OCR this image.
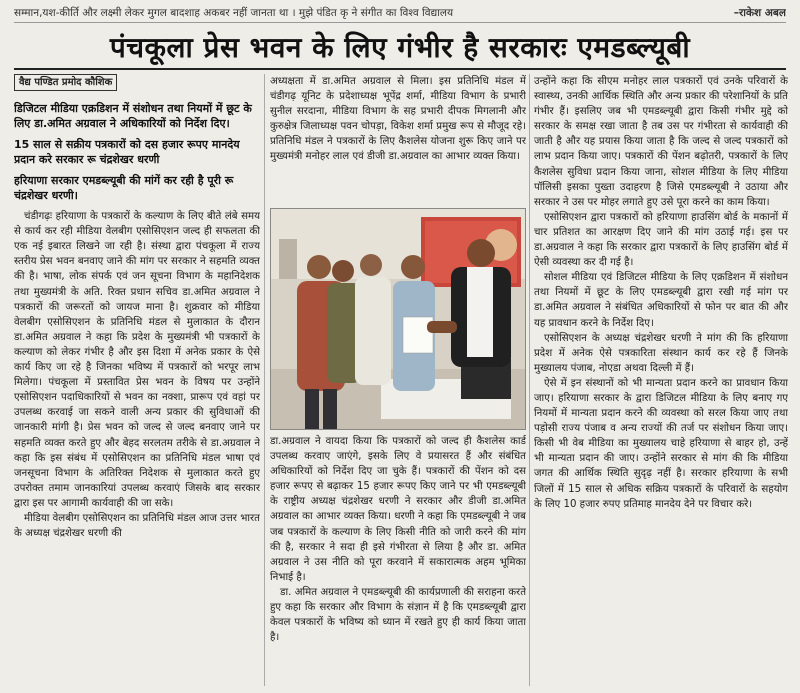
सम्मान,यश-कीर्ति और लक्ष्मी लेकर मुगल बादशाह अकबर नहीं जानता था । मुझे पंडित कृ ने संगीत का विश्व विद्यालय	–राकेश अबल
पंचकूला प्रेस भवन के लिए गंभीर है सरकारः एमडब्ल्यूबी
वैद्य पण्डित प्रमोद कौशिक

डिजिटल मीडिया एक्रडिशन में संशोधन तथा नियमों में छूट के लिए डा.अमित अग्रवाल ने अधिकारियों को निर्देश दिए।

15 साल से सक्रीय पत्रकारों को दस हजार रूपए मानदेय प्रदान करे सरकार रू चंद्रशेखर धरणी

हरियाणा सरकार एमडब्ल्यूबी की मांगें कर रही है पूरी रू चंद्रशेखर धरणी।

चंडीगढ़ः हरियाणा के पत्रकारों के कल्याण के लिए बीते लंबे समय से कार्य कर रही मीडिया वेलबीग एसोसिएशन जल्द ही सफलता की एक नई इबारत लिखने जा रही है। संस्था द्वारा पंचकूला में राज्य स्तरीय प्रेस भवन बनवाए जाने की मांग पर सरकार ने सहमति व्यक्त की है। भाषा, लोक संपर्क एवं जन सूचना विभाग के महानिदेशक तथा मुख्यमंत्री के अति. रिक्त प्रधान सचिव डा.अमित अग्रवाल ने पत्रकारों की जरूरतों को जायज माना है। शुक्रवार को मीडिया वेलबीग एसोसिएशन के प्रतिनिधि मंडल से मुलाकात के दौरान डा.अमित अग्रवाल ने कहा कि प्रदेश के मुख्यमंत्री भी पत्रकारों के कल्याण को लेकर गंभीर है और इस दिशा में अनेक प्रकार के ऐसे कार्य किए जा रहे है जिनका भविष्य में पत्रकारों को भरपूर लाभ मिलेगा। पंचकूला में प्रस्तावित प्रेस भवन के विषय पर उन्होंने एसोसिएशन पदाधिकारियों से भवन का नक्शा, प्रारूप एवं वहां पर उपलब्ध करवाई जा सकने वाली अन्य प्रकार की सुविधाओं की जानकारी मांगी है। प्रेस भवन को जल्द से जल्द बनवाए जाने पर सहमति व्यक्त करते हुए और बेहद सरलतम तरीके से डा.अग्रवाल ने कहा कि इस संबंध में एसोसिएशन का प्रतिनिधि मंडल भाषा एवं जनसूचना विभाग के अतिरिक्त निदेशक से मुलाकात करते हुए उपरोक्त तमाम जानकारियां उपलब्ध करवाएं जिसके बाद सरकार द्वारा इस पर आगामी कार्यवाही की जा सके।

मीडिया वेलबीग एसोसिएशन का प्रतिनिधि मंडल आज उत्तर भारत के अध्यक्ष चंद्रशेखर धरणी की

अध्यक्षता में डा.अमित अग्रवाल से मिला। इस प्रतिनिधि मंडल में चंडीगढ़ यूनिट के प्रदेशाध्यक्ष भूपेंद्र शर्मा, मीडिया विभाग के प्रभारी सुनील सरदाना, मीडिया विभाग के सह प्रभारी दीपक मिगलानी और कुरुक्षेत्र जिलाध्यक्ष पवन चोपड़ा, विकेश शर्मा प्रमुख रूप से मौजूद रहे। प्रतिनिधि मंडल ने पत्रकारों के लिए कैशलेस योजना शुरू किए जाने पर मुख्यमंत्री मनोहर लाल एवं डीजी डा.अग्रवाल का आभार व्यक्त किया।

डा.अग्रवाल ने वायदा किया कि पत्रकारों को जल्द ही कैशलेस कार्ड उपलब्ध करवाए जाएंगे, इसके लिए वे प्रयासरत हैं और संबंधित अधिकारियों को निर्देश दिए जा चुके हैं। पत्रकारों की पेंशन को दस हजार रूपए से बढ़ाकर 15 हजार रूपए किए जाने पर भी एमडब्ल्यूबी के राष्ट्रीय अध्यक्ष चंद्रशेखर धरणी ने सरकार और डीजी डा.अमित अग्रवाल का आभार व्यक्त किया। धरणी ने कहा कि एमडब्ल्यूबी ने जब जब पत्रकारों के कल्याण के लिए किसी नीति को जारी करने की मांग की है, सरकार ने सदा ही इसे गंभीरता से लिया है और डा. अमित अग्रवाल ने उस नीति को पूरा करवाने में सकारात्मक अहम भूमिका निभाई है।

डा. अमित अग्रवाल ने एमडब्ल्यूबी की कार्यप्रणाली की सराहना करते हुए कहा कि सरकार और विभाग के संज्ञान में है कि एमडब्ल्यूबी द्वारा केवल पत्रकारों के भविष्य को ध्यान में रखते हुए ही कार्य किया जाता है।

उन्होंने कहा कि सीएम मनोहर लाल पत्रकारों एवं उनके परिवारों के स्वास्थ्य, उनकी आर्थिक स्थिति और अन्य प्रकार की परेशानियों के प्रति गंभीर हैं। इसलिए जब भी एमडब्ल्यूबी द्वारा किसी गंभीर मुद्दे को सरकार के समक्ष रखा जाता है तब उस पर गंभीरता से कार्यवाही की जाती है और यह प्रयास किया जाता है कि जल्द से जल्द पत्रकारों को लाभ प्रदान किया जाए। पत्रकारों की पेंशन बढ़ोतरी, पत्रकारों के लिए कैशलेस सुविधा प्रदान किया जाना, सोशल मीडिया के लिए मीडिया पॉलिसी इसका पुख्ता उदाहरण है जिसे एमडब्ल्यूबी ने उठाया और सरकार ने उस पर मोहर लगाते हुए उसे पूरा करने का काम किया।

एसोसिएशन द्वारा पत्रकारों को हरियाणा हाउसिंग बोर्ड के मकानों में चार प्रतिशत का आरक्षण दिए जाने की मांग उठाई गई। इस पर डा.अग्रवाल ने कहा कि सरकार द्वारा पत्रकारों के लिए हाउसिंग बोर्ड में ऐसी व्यवस्था कर दी गई है।

सोशल मीडिया एवं डिजिटल मीडिया के लिए एक्रडिशन में संशोधन तथा नियमों में छूट के लिए एमडब्ल्यूबी द्वारा रखी गई मांग पर डा.अमित अग्रवाल ने संबंधित अधिकारियों से फोन पर बात की और यह प्रावधान करने के निर्देश दिए।

एसोसिएशन के अध्यक्ष चंद्रशेखर धरणी ने मांग की कि हरियाणा प्रदेश में अनेक ऐसे पत्रकारिता संस्थान कार्य कर रहे हैं जिनके मुख्यालय पंजाब, नोएडा अथवा दिल्ली में हैं।

ऐसे में इन संस्थानों को भी मान्यता प्रदान करने का प्रावधान किया जाए। हरियाणा सरकार के द्वारा डिजिटल मीडिया के लिए बनाए गए नियमों में मान्यता प्रदान करने की व्यवस्था को सरल किया जाए तथा पड़ोसी राज्य पंजाब व अन्य राज्यों की तर्ज पर संशोधन किया जाए। किसी भी वेब मीडिया का मुख्यालय चाहे हरियाणा से बाहर हो, उन्हें भी मान्यता प्रदान की जाए। उन्होंने सरकार से मांग की कि मीडिया जगत की आर्थिक स्थिति सुदृढ़ नहीं है। सरकार हरियाणा के सभी जिलों में 15 साल से अधिक सक्रिय पत्रकारों के परिवारों के सहयोग के लिए 10 हजार रुपए प्रतिमाह मानदेय देने पर विचार करे।
